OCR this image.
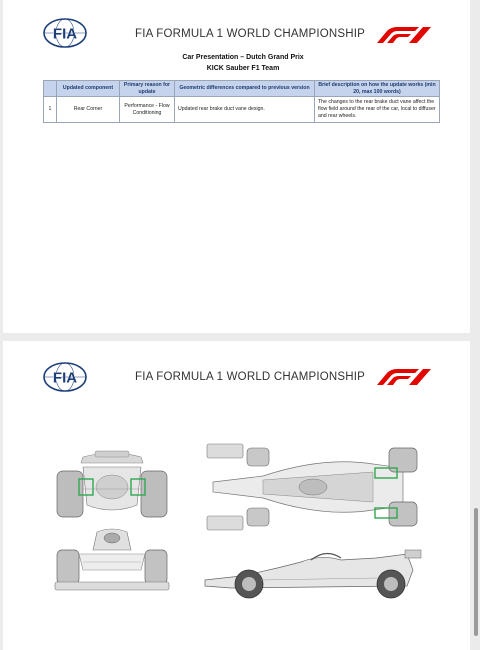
FIA	FIA FORMULA 1 WORLD CHAMPIONSHIP
Car Presentation – Dutch Grand Prix
KICK Sauber F1 Team
	Updated component	Primary reason for update	Geometric differences compared to previous version	Brief description on how the update works (min 20, max 100 words)
1	Rear Corner	Performance - Flow Conditioning	Updated rear brake duct vane design.	The changes to the rear brake duct vane affect the flow field around the rear of the car, local to diffuser and rear wheels.
FIA	FIA FORMULA 1 WORLD CHAMPIONSHIP
